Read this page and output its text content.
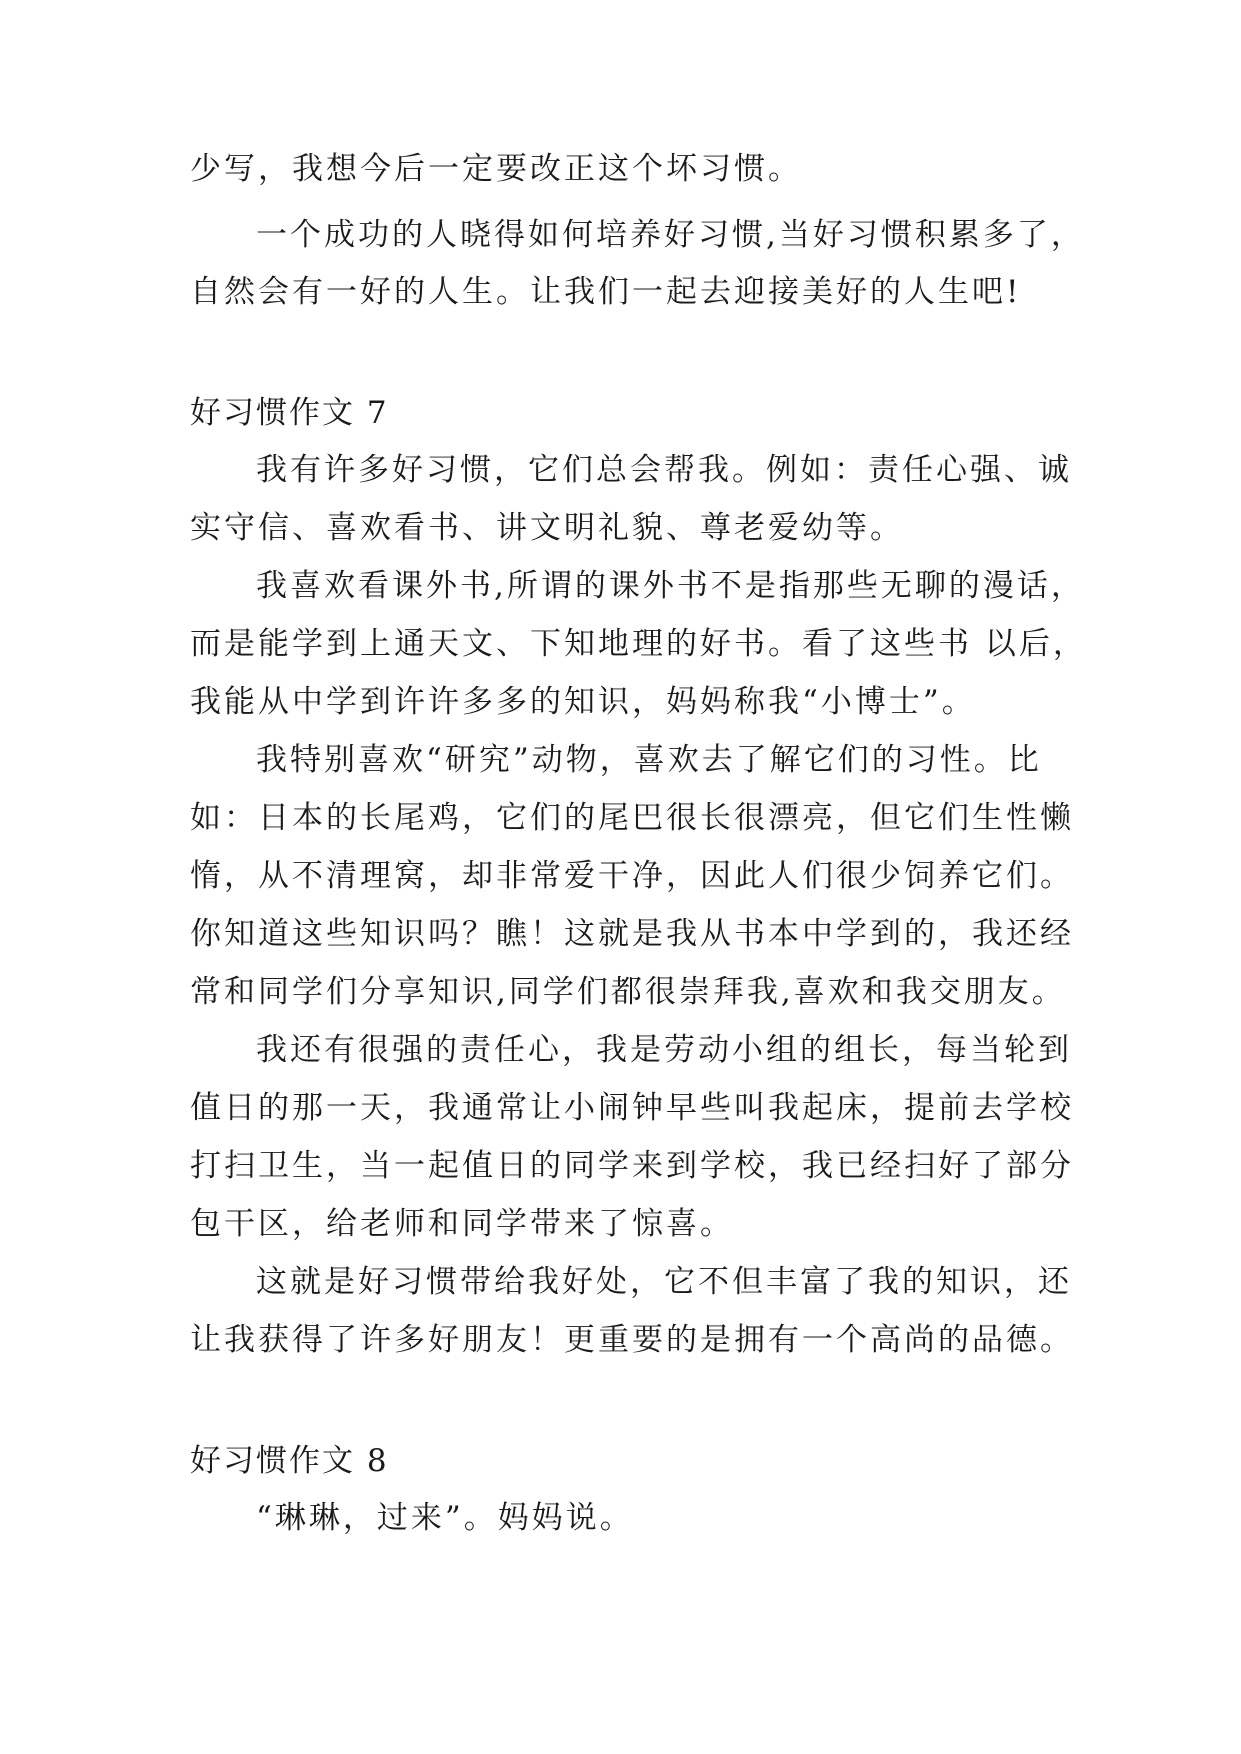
少写，我想今后一定要改正这个坏习惯。

一个成功的人晓得如何培养好习惯,当好习惯积累多了，

自然会有一好的人生。让我们一起去迎接美好的人生吧!

好习惯作文 7

我有许多好习惯，它们总会帮我。例如：责任心强、诚

实守信、喜欢看书、讲文明礼貌、尊老爱幼等。

我喜欢看课外书,所谓的课外书不是指那些无聊的漫话，

而是能学到上通天文、下知地理的好书。看了这些书 以后，

我能从中学到许许多多的知识，妈妈称我“小博士”。

我特别喜欢“研究”动物，喜欢去了解它们的习性。比

如：日本的长尾鸡，它们的尾巴很长很漂亮，但它们生性懒

惰，从不清理窝，却非常爱干净，因此人们很少饲养它们。

你知道这些知识吗？瞧！这就是我从书本中学到的，我还经

常和同学们分享知识,同学们都很崇拜我,喜欢和我交朋友。

我还有很强的责任心，我是劳动小组的组长，每当轮到

值日的那一天，我通常让小闹钟早些叫我起床，提前去学校

打扫卫生，当一起值日的同学来到学校，我已经扫好了部分

包干区，给老师和同学带来了惊喜。

这就是好习惯带给我好处，它不但丰富了我的知识，还

让我获得了许多好朋友！更重要的是拥有一个高尚的品德。

好习惯作文 8

“琳琳，过来”。妈妈说。
